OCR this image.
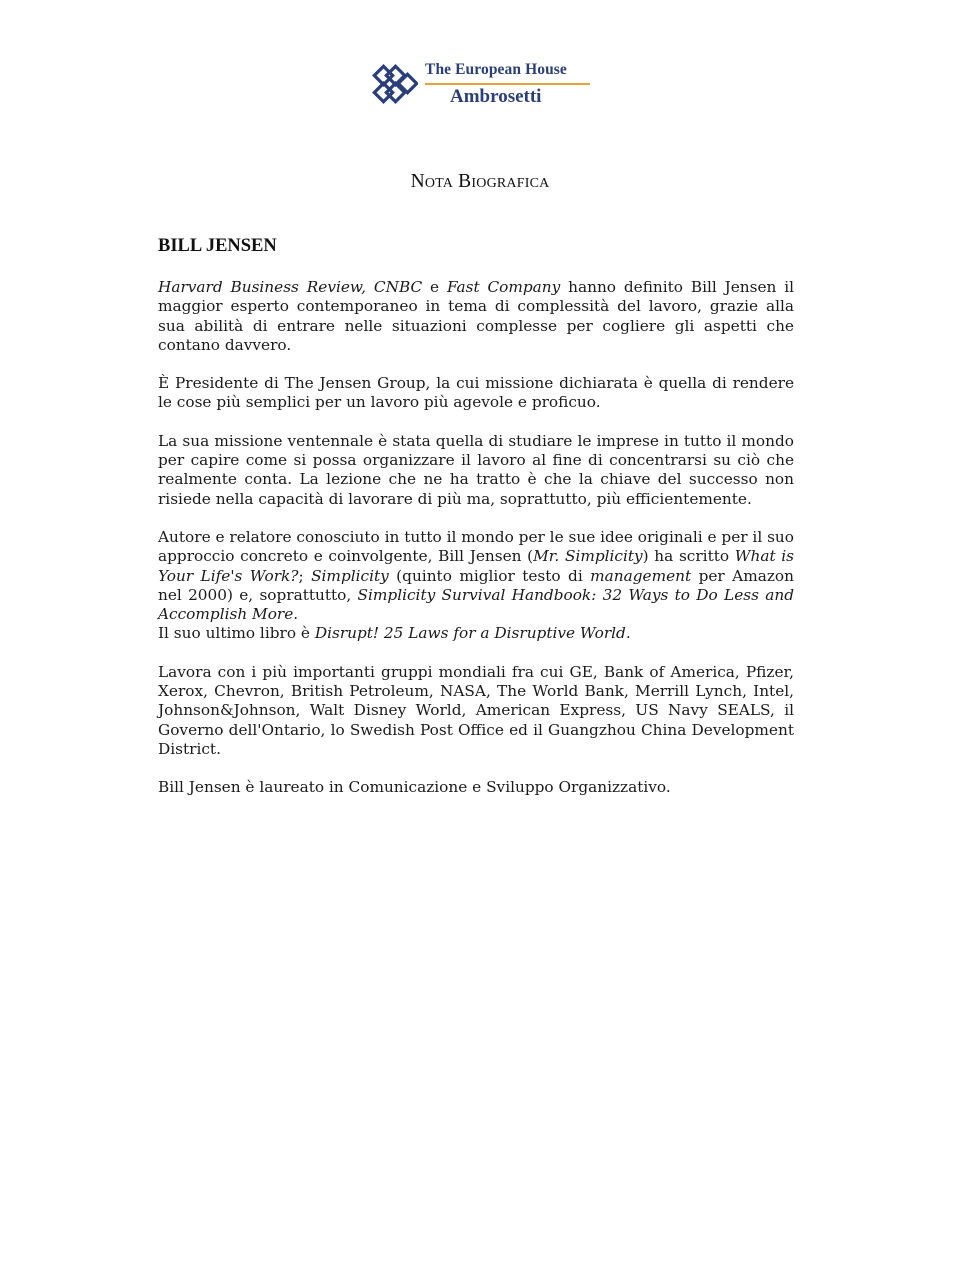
The European House
Ambrosetti
Nota Biografica
BILL JENSEN

Harvard Business Review, CNBC e Fast Company hanno definito Bill Jensen il maggior esperto contemporaneo in tema di complessità del lavoro, grazie alla sua abilità di entrare nelle situazioni complesse per cogliere gli aspetti che contano davvero.

È Presidente di The Jensen Group, la cui missione dichiarata è quella di rendere le cose più semplici per un lavoro più agevole e proficuo.

La sua missione ventennale è stata quella di studiare le imprese in tutto il mondo per capire come si possa organizzare il lavoro al fine di concentrarsi su ciò che realmente conta. La lezione che ne ha tratto è che la chiave del successo non risiede nella capacità di lavorare di più ma, soprattutto, più efficientemente.

Autore e relatore conosciuto in tutto il mondo per le sue idee originali e per il suo approccio concreto e coinvolgente, Bill Jensen (Mr. Simplicity) ha scritto What is Your Life's Work?; Simplicity (quinto miglior testo di management per Amazon nel 2000) e, soprattutto, Simplicity Survival Handbook: 32 Ways to Do Less and Accomplish More.

Il suo ultimo libro è Disrupt! 25 Laws for a Disruptive World.

Lavora con i più importanti gruppi mondiali fra cui GE, Bank of America, Pfizer, Xerox, Chevron, British Petroleum, NASA, The World Bank, Merrill Lynch, Intel, Johnson&Johnson, Walt Disney World, American Express, US Navy SEALS, il Governo dell'Ontario, lo Swedish Post Office ed il Guangzhou China Development District.

Bill Jensen è laureato in Comunicazione e Sviluppo Organizzativo.
